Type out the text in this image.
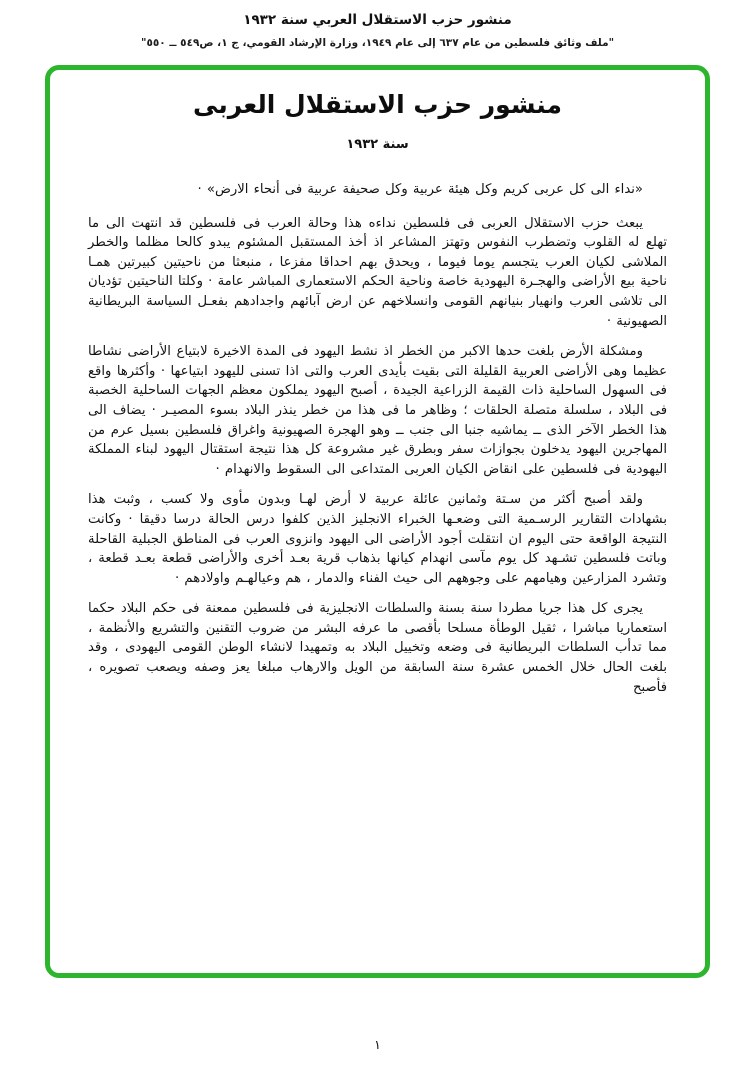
منشور حزب الاستقلال العربي سنة ١٩٣٢
"ملف وثائق فلسطين من عام ٦٣٧ إلى عام ١٩٤٩، وزارة الإرشاد القومي، ج ١، ص٥٤٩ ــ ٥٥٠"
منشور حزب الاستقلال العربى
سنة ١٩٣٢

«نداء الى كل عربى كريم وكل هيئة عربية وكل صحيفة عربية فى أنحاء الارض» ·

يبعث حزب الاستقلال العربى فى فلسطين نداءه هذا وحالة العرب فى فلسطين قد انتهت الى ما تهلع له القلوب وتضطرب النفوس وتهتز المشاعر اذ أخذ المستقبل المشئوم يبدو كالحا مظلما والخطر الملاشى لكيان العرب يتجسم يوما فيوما ، ويحدق بهم احداقا مفزعا ، منبعثا من ناحيتين كبيرتين همـا ناحية بيع الأراضى والهجـرة اليهودية خاصة وناحية الحكم الاستعمارى المباشر عامة · وكلتا الناحيتين تؤديان الى تلاشى العرب وانهيار بنيانهم القومى وانسلاخهم عن ارض آبائهم واجدادهم بفعـل السياسة البريطانية الصهيونية ·

ومشكلة الأرض بلغت حدها الاكبر من الخطر اذ نشط اليهود فى المدة الاخيرة لابتياع الأراضى نشاطا عظيما وهى الأراضى العربية القليلة التى بقيت بأيدى العرب والتى اذا تسنى لليهود ابتياعها · وأكثرها واقع فى السهول الساحلية ذات القيمة الزراعية الجيدة ، أصبح اليهود يملكون معظم الجهات الساحلية الخصبة فى البلاد ، سلسلة متصلة الحلقات ؛ وظاهر ما فى هذا من خطر ينذر البلاد بسوء المصيـر · يضاف الى هذا الخطر الآخر الذى ــ يماشيه جنبا الى جنب ــ وهو الهجرة الصهيونية واغراق فلسطين بسيل عرم من المهاجرين اليهود يدخلون بجوازات سفر وبطرق غير مشروعة كل هذا نتيجة استقتال اليهود لبناء المملكة اليهودية فى فلسطين على انقاض الكيان العربى المتداعى الى السقوط والانهدام ·

ولقد أصبح أكثر من سـتة وثمانين عائلة عربية لا أرض لهـا وبدون مأوى ولا كسب ، وثبت هذا بشهادات التقارير الرسـمية التى وضعـها الخبراء الانجليز الذين كلفوا درس الحالة درسا دقيقا · وكانت النتيجة الواقعة حتى اليوم ان انتقلت أجود الأراضى الى اليهود وانزوى العرب فى المناطق الجبلية القاحلة وباتت فلسطين تشـهد كل يوم مآسى انهدام كيانها بذهاب قرية بعـد أخرى والأراضى قطعة بعـد قطعة ، وتشرد المزارعين وهيامهم على وجوههم الى حيث الفناء والدمار ، هم وعيالهـم واولادهم ·

يجرى كل هذا جريا مطردا سنة بسنة والسلطات الانجليزية فى فلسطين ممعنة فى حكم البلاد حكما استعماريا مباشرا ، ثقيل الوطأة مسلحا بأقصى ما عرفه البشر من ضروب التقنين والتشريع والأنظمة ، مما تدأب السلطات البريطانية فى وضعه وتخييل البلاد به وتمهيدا لانشاء الوطن القومى اليهودى ، وقد بلغت الحال خلال الخمس عشرة سنة السابقة من الويل والارهاب مبلغا يعز وصفه ويصعب تصويره ، فأصبح

١
